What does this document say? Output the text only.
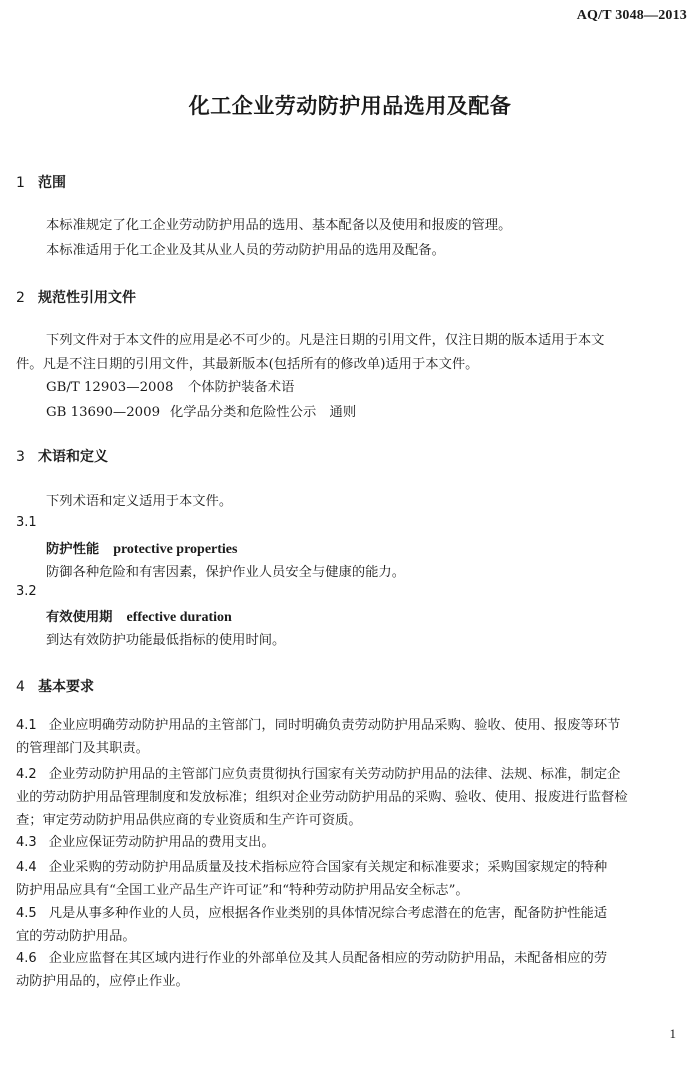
AQ/T 3048—2013
化工企业劳动防护用品选用及配备
1 范围
本标准规定了化工企业劳动防护用品的选用、基本配备以及使用和报废的管理。
本标准适用于化工企业及其从业人员的劳动防护用品的选用及配备。
2 规范性引用文件
下列文件对于本文件的应用是必不可少的。凡是注日期的引用文件，仅注日期的版本适用于本文
件。凡是不注日期的引用文件，其最新版本(包括所有的修改单)适用于本文件。
GB/T 12903—2008 个体防护装备术语
GB 13690—2009 化学品分类和危险性公示　通则
3 术语和定义
下列术语和定义适用于本文件。
3.1
防护性能 protective properties
防御各种危险和有害因素，保护作业人员安全与健康的能力。
3.2
有效使用期 effective duration
到达有效防护功能最低指标的使用时间。
4 基本要求
4.1 企业应明确劳动防护用品的主管部门，同时明确负责劳动防护用品采购、验收、使用、报废等环节
的管理部门及其职责。
4.2 企业劳动防护用品的主管部门应负责贯彻执行国家有关劳动防护用品的法律、法规、标准，制定企
业的劳动防护用品管理制度和发放标准；组织对企业劳动防护用品的采购、验收、使用、报废进行监督检
查；审定劳动防护用品供应商的专业资质和生产许可资质。
4.3 企业应保证劳动防护用品的费用支出。
4.4 企业采购的劳动防护用品质量及技术指标应符合国家有关规定和标准要求；采购国家规定的特种
防护用品应具有“全国工业产品生产许可证”和“特种劳动防护用品安全标志”。
4.5 凡是从事多种作业的人员，应根据各作业类别的具体情况综合考虑潜在的危害，配备防护性能适
宜的劳动防护用品。
4.6 企业应监督在其区域内进行作业的外部单位及其人员配备相应的劳动防护用品，未配备相应的劳
动防护用品的，应停止作业。
1
